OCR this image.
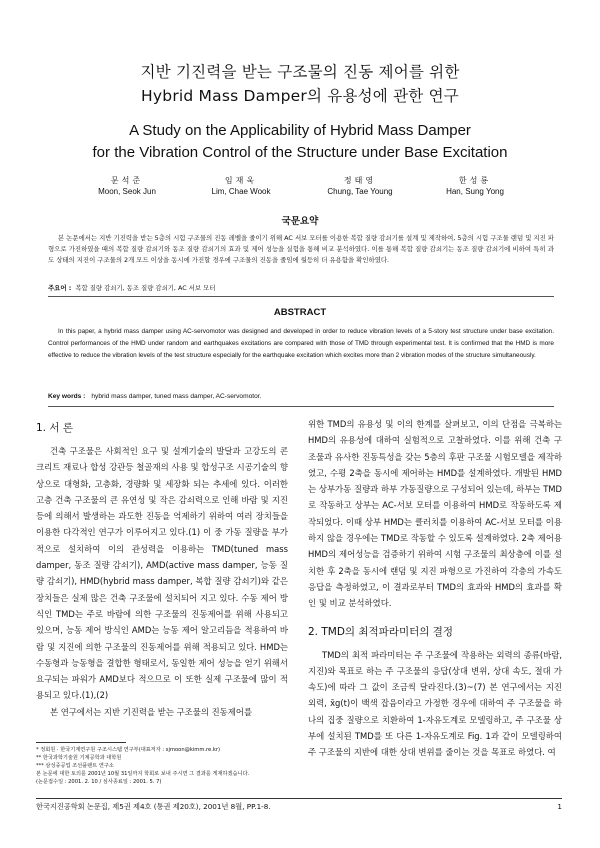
지반 기진력을 받는 구조물의 진동 제어를 위한
Hybrid Mass Damper의 유용성에 관한 연구
A Study on the Applicability of Hybrid Mass Damper
for the Vibration Control of the Structure under Base Excitation
문석준
Moon, Seok Jun
임재욱
Lim, Chae Wook
정태영
Chung, Tae Young
한성룡
Han, Sung Yong
국문요약
본 논문에서는 지반 기진력을 받는 5층의 시험 구조물의 진동 레벨을 줄이기 위해 AC 서보 모터를 이용한 복합 질량 감쇠기를 설계 및 제작하여, 5층의 시험 구조물 랜덤 및 지진 파형으로 가진하였을 때의 복합 질량 감쇠기와 동조 질량 감쇠기의 효과 및 제어 성능을 실험을 통해 비교 분석하였다. 이를 통해 복합 질량 감쇠기는 동조 질량 감쇠기에 비하여 특히 과도 상태의 지진이 구조물의 2개 모드 이상을 동시에 가진할 경우에 구조물의 진동을 줄임에 월등히 더 유용함을 확인하였다.
주요어 : 복합 질량 감쇠기, 동조 질량 감쇠기, AC 서보 모터
ABSTRACT
In this paper, a hybrid mass damper using AC-servomotor was designed and developed in order to reduce vibration levels of a 5-story test structure under base excitation. Control performances of the HMD under random and earthquakes excitations are compared with those of TMD through experimental test. It is confirmed that the HMD is more effective to reduce the vibration levels of the test structure especially for the earthquake excitation which excites more than 2 vibration modes of the structure simultaneously.
Key words : hybrid mass damper, tuned mass damper, AC-servomotor.
1. 서 론

건축 구조물은 사회적인 요구 및 설계기술의 발달과 고강도의 콘크리트 재료나 합성 강관등 철골재의 사용 및 합성구조 시공기술의 향상으로 대형화, 고층화, 경량화 및 세장화 되는 추세에 있다. 이러한 고층 건축 구조물의 큰 유연성 및 작은 감쇠력으로 인해 바람 및 지진 등에 의해서 발생하는 과도한 진동을 억제하기 위하여 여러 장치들을 이용한 다각적인 연구가 이루어지고 있다.(1) 이 중 가동 질량을 부가적으로 설치하여 이의 관성력을 이용하는 TMD(tuned mass damper, 동조 질량 감쇠기), AMD(active mass damper, 능동 질량 감쇠기), HMD(hybrid mass damper, 복합 질량 감쇠기)와 같은 장치들은 실제 많은 건축 구조물에 설치되어 지고 있다. 수동 제어 방식인 TMD는 주로 바람에 의한 구조물의 진동제어를 위해 사용되고 있으며, 능동 제어 방식인 AMD는 능동 제어 알고리듬을 적용하여 바람 및 지진에 의한 구조물의 진동제어를 위해 적용되고 있다. HMD는 수동형과 능동형을 결합한 형태로서, 동일한 제어 성능을 얻기 위해서 요구되는 파워가 AMD보다 적으므로 이 또한 실제 구조물에 많이 적용되고 있다.(1),(2)

본 연구에서는 지반 기진력을 받는 구조물의 진동제어를

* 정회원 · 한국기계연구원 구조시스템 연구부(대표저자 : sjmoon@kimm.re.kr)
** 한국과학기술원 기계공학과 대학원
*** 삼성중공업 조선플랜트 연구소
본 논문에 대한 토의를 2001년 10월 31일까지 학회로 보내 주시면 그 결과를 게재하겠습니다.
(논문접수일 : 2001. 2. 10 / 심사종료일 : 2001. 5. 7)

위한 TMD의 유용성 및 이의 한계를 살펴보고, 이의 단점을 극복하는 HMD의 유용성에 대하여 실험적으로 고찰하였다. 이를 위해 건축 구조물과 유사한 진동특성을 갖는 5층의 후판 구조물 시험모델을 제작하였고, 수평 2축을 동시에 제어하는 HMD를 설계하였다. 개발된 HMD는 상부가동 질량과 하부 가동질량으로 구성되어 있는데, 하부는 TMD로 작동하고 상부는 AC-서보 모터를 이용하여 HMD로 작동하도록 제작되었다. 이때 상부 HMD는 클러치를 이용하여 AC-서보 모터를 이용하지 않을 경우에는 TMD로 작동할 수 있도록 설계하였다. 2축 제어용 HMD의 제어성능을 검증하기 위하여 시험 구조물의 최상층에 이를 설치한 후 2축을 동시에 랜덤 및 지진 파형으로 가진하여 각층의 가속도 응답을 측정하였고, 이 결과로부터 TMD의 효과와 HMD의 효과를 확인 및 비교 분석하였다.

2. TMD의 최적파라미터의 결정

TMD의 최적 파라미터는 주 구조물에 작용하는 외력의 종류(바람, 지진)와 목표로 하는 주 구조물의 응답(상대 변위, 상대 속도, 절대 가속도)에 따라 그 값이 조금씩 달라진다.(3)~(7) 본 연구에서는 지진 외력, x̄g(t)이 백색 잡음이라고 가정한 경우에 대하여 주 구조물을 하나의 집중 질량으로 치환하여 1-자유도계로 모델링하고, 주 구조물 상부에 설치된 TMD를 또 다른 1-자유도계로 Fig. 1과 같이 모델링하여 주 구조물의 지반에 대한 상대 변위를 줄이는 것을 목표로 하였다. 여

한국지진공학회 논문집, 제5권 제4호 (통권 제20호), 2001년 8월, PP.1-8.	1
